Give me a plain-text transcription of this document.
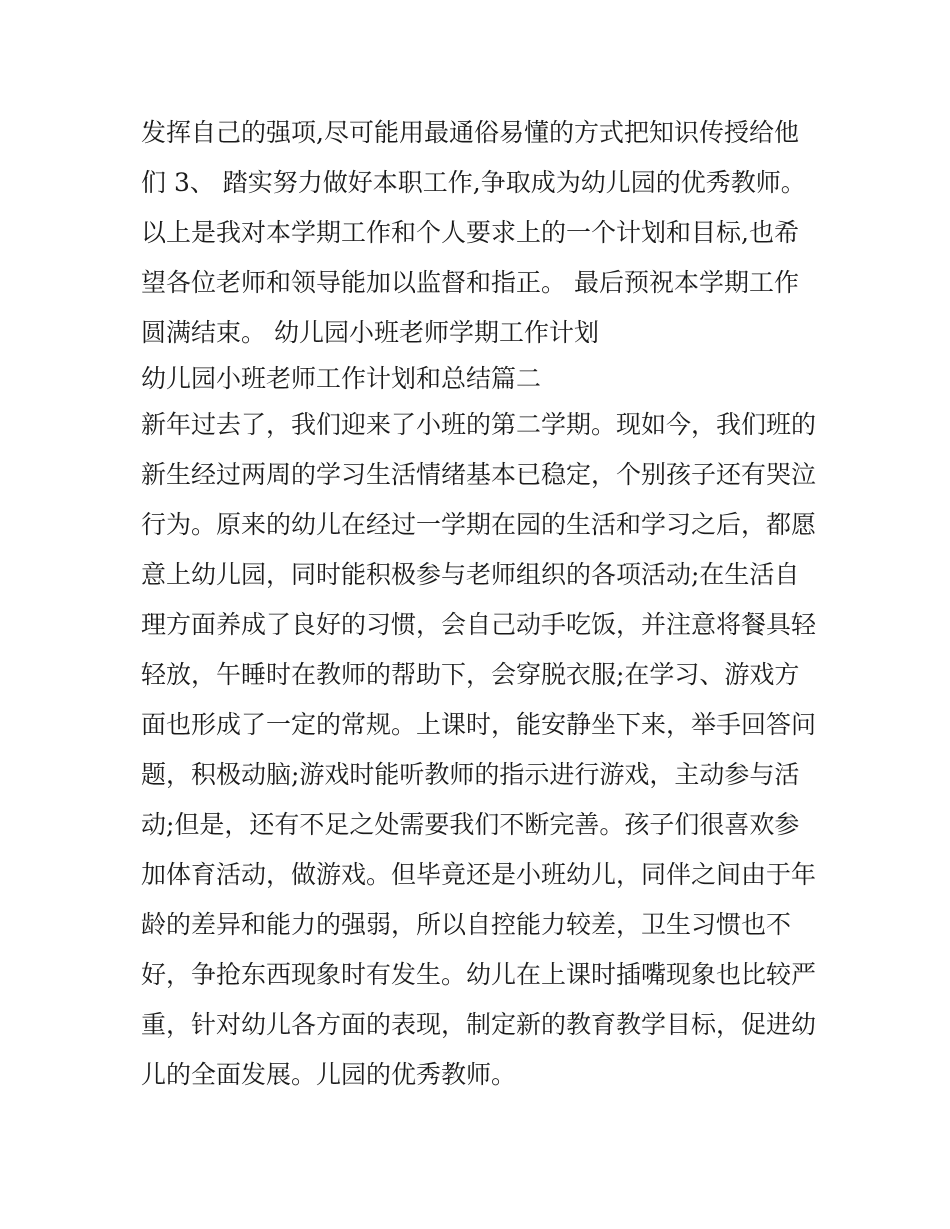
发挥自己的强项,尽可能用最通俗易懂的方式把知识传授给他
们 3、 踏实努力做好本职工作,争取成为幼儿园的优秀教师。
以上是我对本学期工作和个人要求上的一个计划和目标,也希
望各位老师和领导能加以监督和指正。 最后预祝本学期工作
圆满结束。 幼儿园小班老师学期工作计划
幼儿园小班老师工作计划和总结篇二
新年过去了，我们迎来了小班的第二学期。现如今，我们班的
新生经过两周的学习生活情绪基本已稳定，个别孩子还有哭泣
行为。原来的幼儿在经过一学期在园的生活和学习之后，都愿
意上幼儿园，同时能积极参与老师组织的各项活动;在生活自
理方面养成了良好的习惯，会自己动手吃饭，并注意将餐具轻
轻放，午睡时在教师的帮助下，会穿脱衣服;在学习、游戏方
面也形成了一定的常规。上课时，能安静坐下来，举手回答问
题，积极动脑;游戏时能听教师的指示进行游戏，主动参与活
动;但是，还有不足之处需要我们不断完善。孩子们很喜欢参
加体育活动，做游戏。但毕竟还是小班幼儿，同伴之间由于年
龄的差异和能力的强弱，所以自控能力较差，卫生习惯也不
好，争抢东西现象时有发生。幼儿在上课时插嘴现象也比较严
重，针对幼儿各方面的表现，制定新的教育教学目标，促进幼
儿的全面发展。儿园的优秀教师。
